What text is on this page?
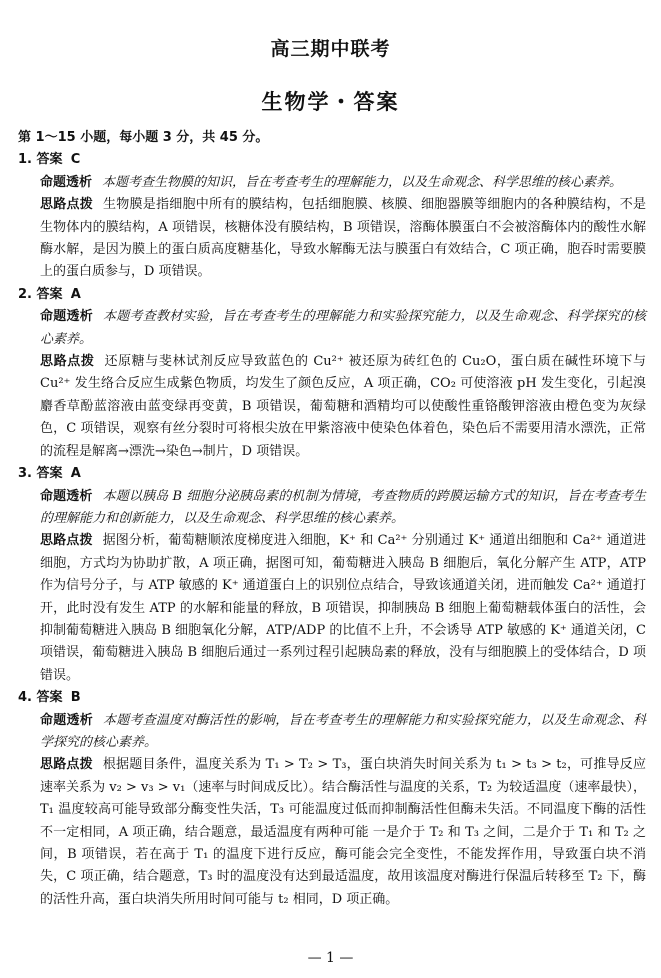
高三期中联考
生物学・答案

第 1～15 小题，每小题 3 分，共 45 分。

1. 答案 C

命题透析 本题考查生物膜的知识，旨在考查考生的理解能力，以及生命观念、科学思维的核心素养。

思路点拨 生物膜是指细胞中所有的膜结构，包括细胞膜、核膜、细胞器膜等细胞内的各种膜结构，不是生物体内的膜结构，A 项错误，核糖体没有膜结构，B 项错误，溶酶体膜蛋白不会被溶酶体内的酸性水解酶水解，是因为膜上的蛋白质高度糖基化，导致水解酶无法与膜蛋白有效结合，C 项正确，胞吞时需要膜上的蛋白质参与，D 项错误。

2. 答案 A

命题透析 本题考查教材实验，旨在考查考生的理解能力和实验探究能力，以及生命观念、科学探究的核心素养。

思路点拨 还原糖与斐林试剂反应导致蓝色的 Cu²⁺ 被还原为砖红色的 Cu₂O，蛋白质在碱性环境下与 Cu²⁺ 发生络合反应生成紫色物质，均发生了颜色反应，A 项正确，CO₂ 可使溶液 pH 发生变化，引起溴麝香草酚蓝溶液由蓝变绿再变黄，B 项错误，葡萄糖和酒精均可以使酸性重铬酸钾溶液由橙色变为灰绿色，C 项错误，观察有丝分裂时可将根尖放在甲紫溶液中使染色体着色，染色后不需要用清水漂洗，正常的流程是解离→漂洗→染色→制片，D 项错误。

3. 答案 A

命题透析 本题以胰岛 B 细胞分泌胰岛素的机制为情境，考查物质的跨膜运输方式的知识，旨在考查考生的理解能力和创新能力，以及生命观念、科学思维的核心素养。

思路点拨 据图分析，葡萄糖顺浓度梯度进入细胞，K⁺ 和 Ca²⁺ 分别通过 K⁺ 通道出细胞和 Ca²⁺ 通道进细胞，方式均为协助扩散，A 项正确，据图可知，葡萄糖进入胰岛 B 细胞后，氧化分解产生 ATP，ATP 作为信号分子，与 ATP 敏感的 K⁺ 通道蛋白上的识别位点结合，导致该通道关闭，进而触发 Ca²⁺ 通道打开，此时没有发生 ATP 的水解和能量的释放，B 项错误，抑制胰岛 B 细胞上葡萄糖载体蛋白的活性，会抑制葡萄糖进入胰岛 B 细胞氧化分解，ATP/ADP 的比值不上升，不会诱导 ATP 敏感的 K⁺ 通道关闭，C 项错误，葡萄糖进入胰岛 B 细胞后通过一系列过程引起胰岛素的释放，没有与细胞膜上的受体结合，D 项错误。

4. 答案 B

命题透析 本题考查温度对酶活性的影响，旨在考查考生的理解能力和实验探究能力，以及生命观念、科学探究的核心素养。

思路点拨 根据题目条件，温度关系为 T₁ > T₂ > T₃，蛋白块消失时间关系为 t₁ > t₃ > t₂，可推导反应速率关系为 v₂ > v₃ > v₁（速率与时间成反比）。结合酶活性与温度的关系，T₂ 为较适温度（速率最快），T₁ 温度较高可能导致部分酶变性失活，T₃ 可能温度过低而抑制酶活性但酶未失活。不同温度下酶的活性不一定相同，A 项正确，结合题意，最适温度有两种可能 一是介于 T₂ 和 T₃ 之间，二是介于 T₁ 和 T₂ 之间，B 项错误，若在高于 T₁ 的温度下进行反应，酶可能会完全变性，不能发挥作用，导致蛋白块不消失，C 项正确，结合题意，T₃ 时的温度没有达到最适温度，故用该温度对酶进行保温后转移至 T₂ 下，酶的活性升高，蛋白块消失所用时间可能与 t₂ 相同，D 项正确。

— 1 —
